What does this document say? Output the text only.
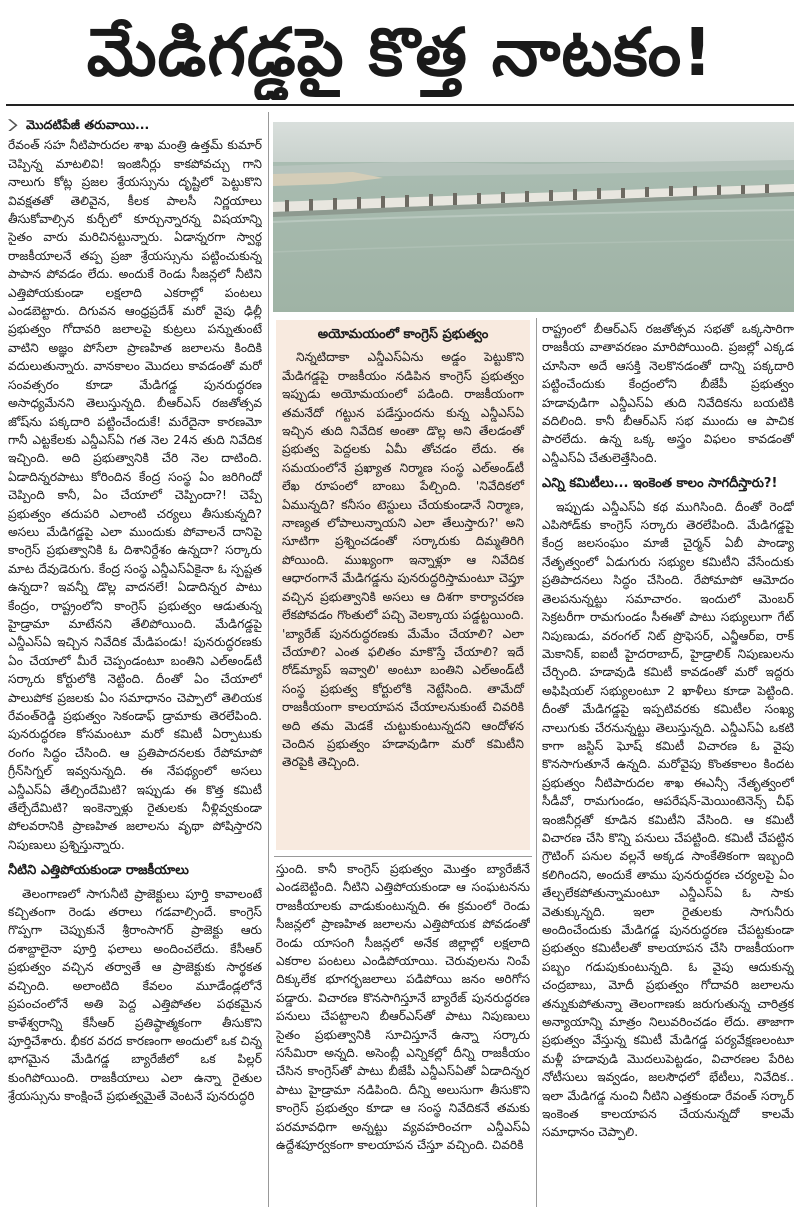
మేడిగడ్డపై కొత్త నాటకం!
మొదటిపేజీ తరువాయి...

రేవంత్ సహ నీటిపారుదల శాఖ మంత్రి ఉత్తమ్ కుమార్ చెప్పిన్న మాటలివి! ఇంజినీర్లు కాకపోవచ్చు గాని నాలుగు కోట్ల ప్రజల శ్రేయస్సును దృష్టిలో పెట్టుకొని వివక్షతతో తెలివైన, కీలక పాలసీ నిర్ణయాలు తీసుకోవాల్సిన కుర్చీలో కూర్చున్నారన్న విషయాన్ని సైతం వారు మరిచినట్టున్నారు. ఏడాన్నరగా స్వార్థ రాజకీయాలనే తప్ప ప్రజా శ్రేయస్సును పట్టించుకున్న పాపాన పోవడం లేదు. అందుకే రెండు సీజన్లలో నీటిని ఎత్తిపోయకుండా లక్షలాది ఎకరాల్లో పంటలు ఎండబెట్టారు. దిగువన ఆంధ్రప్రదేశ్ మరో వైపు ఢిల్లీ ప్రభుత్వం గోదావరి జలాలపై కుట్రలు పన్నుతుంటే వాటిని అజ్ఞం పోసేలా ప్రాణహిత జలాలను కిందికి వదులుతున్నారు. వానకాలం మొదలు కావడంతో మరో సంవత్సరం కూడా మేడిగడ్డ పునరుద్ధరణ అసాధ్యమేనని తెలుస్తున్నది. బీఆర్ఎస్ రజతోత్సవ జోష్‌ను పక్కదారి పట్టించేందుకే! మరేదైనా కారణమో గానీ ఎట్టకేలకు ఎన్డీఎస్ఏ గత నెల 24న తుది నివేదిక ఇచ్చింది. అది ప్రభుత్వానికి చేరి నెల దాటింది. ఏడాదిన్నరపాటు కోరిందిన కేంద్ర సంస్థ ఏం జరిగిందో చెప్పింది కానీ, ఏం చేయాలో చెప్పిందా?! చెప్పే ప్రభుత్వం తదుపరి ఎలాంటి చర్యలు తీసుకున్నది? అసలు మేడిగడ్డపై ఎలా ముందుకు పోవాలనే దానిపై కాంగ్రెస్ ప్రభుత్వానికి ఓ దిశానిర్దేశం ఉన్నదా? సర్కారు మాట దేవుడెరుగు. కేంద్ర సంస్థ ఎన్డీఎస్ఏకైనా ఓ స్పష్టత ఉన్నదా? ఇవన్నీ డొల్ల వాదనలే! ఏడాదిన్నర పాటు కేంద్రం, రాష్ట్రంలోని కాంగ్రెస్ ప్రభుత్వం ఆడుతున్న హైడ్రామా మాటేనని తేలిపోయింది. మేడిగడ్డపై ఎన్డీఎస్ఏ ఇచ్చిన నివేదిక మేడిపండు! పునరుద్ధరణకు ఏం చేయాలో మీరే చెప్పండంటూ బంతిని ఎల్అండ్‌టీ సర్కారు కోర్టులోకి నెట్టింది. దీంతో ఏం చేయాలో పాలుపోక ప్రజలకు ఏం సమాధానం చెప్పాలో తెలియక రేవంత్‌రెడ్డి ప్రభుత్వం సెకండాఫ్ డ్రామాకు తెరలేపింది. పునరుద్ధరణ కోసమంటూ మరో కమిటీ ఏర్పాటుకు రంగం సిద్ధం చేసింది. ఆ ప్రతిపాదనలకు రేపోమాపో గ్రీన్‌సిగ్నల్ ఇవ్వనున్నది. ఈ నేపథ్యంలో అసలు ఎన్డీఎస్ఏ తేల్చిందేమిటి? ఇప్పుడు ఈ కొత్త కమిటీ తేల్చేదేమిటి? ఇంకెన్నాళ్లు రైతులకు నీళ్లివ్వకుండా పోలవరానికి ప్రాణహిత జలాలను వృథా పోషిస్తారని నిపుణులు ప్రశ్నిస్తున్నారు.

నీటిని ఎత్తిపోయకుండా రాజకీయాలు

తెలంగాణలో సాగునీటి ప్రాజెక్టులు పూర్తి కావాలంటే కచ్చితంగా రెండు తరాలు గడవాల్సిందే. కాంగ్రెస్ గొప్పగా చెప్పుకునే శ్రీరాంసాగర్ ప్రాజెక్టు ఆరు దశాబ్దాలైనా పూర్తి ఫలాలు అందించలేదు. కేసీఆర్ ప్రభుత్వం వచ్చిన తర్వాతే ఆ ప్రాజెక్టుకు సార్థకత వచ్చింది. అలాంటిది కేవలం మూడేండ్లలోనే ప్రపంచంలోనే అతి పెద్ద ఎత్తిపోతల పథకమైన కాళేశ్వరాన్ని కేసీఆర్ ప్రతిష్ఠాత్మకంగా తీసుకొని పూర్తిచేశారు. భీకర వరద కారణంగా అందులో ఒక చిన్న భాగమైన మేడిగడ్డ బ్యారేజీలో ఒక పిల్లర్ కుంగిపోయింది. రాజకీయాలు ఎలా ఉన్నా రైతుల శ్రేయస్సును కాంక్షించే ప్రభుత్వమైతే వెంటనే పునరుద్ధరి

అయోమయంలో కాంగ్రెస్ ప్రభుత్వం

నిన్నటిదాకా ఎన్డీఎస్ఏను అడ్డం పెట్టుకొని మేడిగడ్డపై రాజకీయం నడిపిన కాంగ్రెస్ ప్రభుత్వం ఇప్పుడు అయోమయంలో పడింది. రాజకీయంగా తమనేదో గట్టున పడేస్తుందను కున్న ఎన్డీఎస్ఏ ఇచ్చిన తుది నివేదిక అంతా డొల్ల అని తేలడంతో ప్రభుత్వ పెద్దలకు ఏమీ తోచడం లేదు. ఈ సమయంలోనే ప్రఖ్యాత నిర్మాణ సంస్థ ఎల్అండ్‌టీ లేఖ రూపంలో బాంబు పేల్చింది. 'నివేదికలో ఏమున్నది? కనీసం టెస్టులు చేయకుండానే నిర్మాణ, నాణ్యత లోపాలున్నాయని ఎలా తేలుస్తారు?' అని సూటిగా ప్రశ్నించడంతో సర్కారుకు దిమ్మతిరిగి పోయింది. ముఖ్యంగా ఇన్నాళ్లూ ఆ నివేదిక ఆధారంగానే మేడిగడ్డను పునరుద్ధరిస్తామంటూ చెప్తూ వచ్చిన ప్రభుత్వానికి అసలు ఆ దిశగా కార్యాచరణ లేకపోవడం గొంతులో పచ్చి వెలక్కాయ పడ్డట్టయింది. 'బ్యారేజ్ పునరుద్ధరణకు మేమేం చేయాలి? ఎలా చేయాలి? ఎంత ఫలితం మాకొస్తే చేయాలి? ఇదే రోడ్‌మ్యాప్ ఇవ్వాలి' అంటూ బంతిని ఎల్అండ్‌టీ సంస్థ ప్రభుత్వ కోర్టులోకి నెట్టేసింది. తామేదో రాజకీయంగా కాలయాపన చేయాలనుకుంటే చివరికి అది తమ మెడకే చుట్టుకుంటున్నదని ఆందోళన చెందిన ప్రభుత్వం హడావుడిగా మరో కమిటీని తెరపైకి తెచ్చింది.

స్తుంది. కానీ కాంగ్రెస్ ప్రభుత్వం మొత్తం బ్యారేజీనే ఎండబెట్టింది. నీటిని ఎత్తిపోయకుండా ఆ సంఘటనను రాజకీయాలకు వాడుకుంటున్నది. ఈ క్రమంలో రెండు సీజన్లలో ప్రాణహిత జలాలను ఎత్తిపోయక పోవడంతో రెండు యాసంగి సీజన్లలో అనేక జిల్లాల్లో లక్షలాది ఎకరాల పంటలు ఎండిపోయాయి. చెరువులను నింపే దిక్కులేక భూగర్భజలాలు పడిపోయి జనం అరిగోస పడ్డారు. విచారణ కొనసాగిస్తూనే బ్యారేజ్ పునరుద్ధరణ పనులు చేపట్టాలని బీఆర్ఎస్‌తో పాటు నిపుణులు సైతం ప్రభుత్వానికి సూచిస్తూనే ఉన్నా సర్కారు ససేమిరా అన్నది. అసెంబ్లీ ఎన్నికల్లో దీన్ని రాజకీయం చేసిన కాంగ్రెస్‌తో పాటు బీజేపీ ఎన్డీఎస్ఏతో ఏడాదిన్నర పాటు హైడ్రామా నడిపింది. దీన్ని అలుసుగా తీసుకొని కాంగ్రెస్ ప్రభుత్వం కూడా ఆ సంస్థ నివేదికనే తమకు పరమావధిగా అన్నట్టు వ్యవహరించగా ఎన్డీఎస్ఏ ఉద్దేశపూర్వకంగా కాలయాపన చేస్తూ వచ్చింది. చివరికి

రాష్ట్రంలో బీఆర్ఎస్ రజతోత్సవ సభతో ఒక్కసారిగా రాజకీయ వాతావరణం మారిపోయింది. ప్రజల్లో ఎక్కడ చూసినా అదే ఆసక్తి నెలకొనడంతో దాన్ని పక్కదారి పట్టించేందుకు కేంద్రంలోని బీజేపీ ప్రభుత్వం హడావుడిగా ఎన్డీఎస్ఏ తుది నివేదికను బయటికి వదిలింది. కానీ బీఆర్ఎస్ సభ ముందు ఆ పాచిక పారలేదు. ఉన్న ఒక్క అస్త్రం విఫలం కావడంతో ఎన్డీఎస్ఏ చేతులెత్తేసింది.

ఎన్ని కమిటీలు... ఇంకెంత కాలం సాగదీస్తారు?!

ఇప్పుడు ఎన్డీఎస్ఏ కథ ముగిసింది. దీంతో రెండో ఎపిసోడ్‌కు కాంగ్రెస్ సర్కారు తెరలేపింది. మేడిగడ్డపై కేంద్ర జలసంఘం మాజీ చైర్మన్ ఏబీ పాండ్యా నేతృత్వంలో ఏడుగురు సభ్యుల కమిటీని వేసేందుకు ప్రతిపాదనలు సిద్ధం చేసింది. రేపోమాపో ఆమోదం తెలపనున్నట్టు సమాచారం. ఇందులో మెంబర్ సెక్రటరీగా రామగుండం సీఈతో పాటు సభ్యులుగా గేట్ నిపుణుడు, వరంగల్ నిట్ ప్రొఫెసర్, ఎన్జీఆర్ఐ, రాక్ మెకానిక్, ఐఐటీ హైదరాబాద్, హైడ్రాలిక్ నిపుణులను చేర్చింది. హడావుడి కమిటీ కావడంతో మరో ఇద్దరు అఫిషియల్ సభ్యులంటూ 2 ఖాళీలు కూడా పెట్టింది. దీంతో మేడిగడ్డపై ఇప్పటివరకు కమిటీల సంఖ్య నాలుగుకు చేరనున్నట్టు తెలుస్తున్నది. ఎన్డీఎస్ఏ ఒకటి కాగా జస్టిస్ ఘోష్ కమిటీ విచారణ ఓ వైపు కొనసాగుతూనే ఉన్నది. మరోవైపు కొంతకాలం కిందట ప్రభుత్వం నీటిపారుదల శాఖ ఈఎన్సీ నేతృత్వంలో సీడీవో, రామగుండం, ఆపరేషన్-మెయింటెనెన్స్ చీఫ్ ఇంజినీర్లతో కూడిన కమిటీని వేసింది. ఆ కమిటీ విచారణ చేసి కొన్ని పనులు చేపట్టింది. కమిటీ చేపట్టిన గ్రౌటింగ్ పనుల వల్లనే అక్కడ సాంకేతికంగా ఇబ్బంది కలిగిందని, అందుకే తాము పునరుద్ధరణ చర్యలపై ఏం తేల్చలేకపోతున్నామంటూ ఎన్డీఎస్ఏ ఓ సాకు వెతుక్కున్నది. ఇలా రైతులకు సాగునీరు అందించేందుకు మేడిగడ్డ పునరుద్ధరణ చేపట్టకుండా ప్రభుత్వం కమిటీలతో కాలయాపన చేసి రాజకీయంగా పబ్బం గడుపుకుంటున్నది. ఓ వైపు ఆదుకున్న చంద్రబాబు, మోదీ ప్రభుత్వం గోదావరి జలాలను తన్నుకుపోతున్నా తెలంగాణకు జరుగుతున్న చారిత్రక అన్యాయాన్ని మాత్రం నిలువరించడం లేదు. తాజాగా ప్రభుత్వం వేస్తున్న కమిటీ మేడిగడ్డ పర్యవేక్షణలంటూ మళ్లీ హడావుడి మొదలుపెట్టడం, విచారణల పేరిట నోటీసులు ఇవ్వడం, జలసౌధలో భేటీలు, నివేదిక.. ఇలా మేడిగడ్డ నుంచి నీటిని ఎత్తకుండా రేవంత్ సర్కార్ ఇంకెంత కాలయాపన చేయనున్నదో కాలమే సమాధానం చెప్పాలి.
